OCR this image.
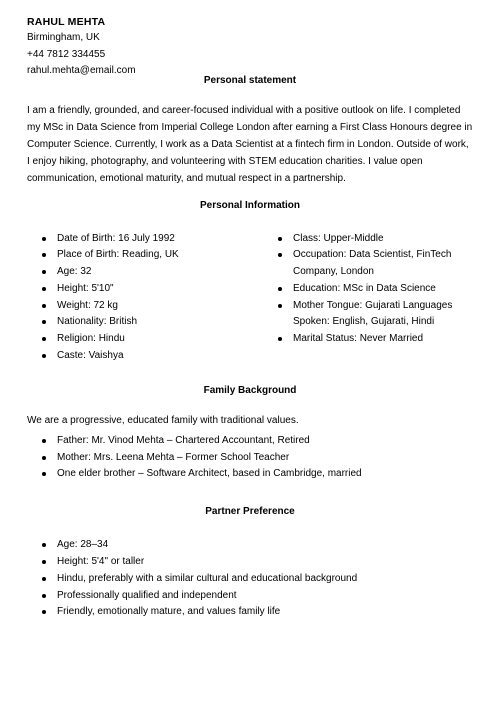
RAHUL MEHTA
Birmingham, UK
+44 7812 334455
rahul.mehta@email.com
Personal statement

I am a friendly, grounded, and career-focused individual with a positive outlook on life. I completed my MSc in Data Science from Imperial College London after earning a First Class Honours degree in Computer Science. Currently, I work as a Data Scientist at a fintech firm in London. Outside of work, I enjoy hiking, photography, and volunteering with STEM education charities. I value open communication, emotional maturity, and mutual respect in a partnership.

Personal Information
Date of Birth: 16 July 1992
Place of Birth: Reading, UK
Age: 32
Height: 5'10"
Weight: 72 kg
Nationality: British
Religion: Hindu
Caste: Vaishya
Class: Upper-Middle
Occupation: Data Scientist, FinTech Company, London
Education: MSc in Data Science
Mother Tongue: Gujarati Languages Spoken: English, Gujarati, Hindi
Marital Status: Never Married
Family Background

We are a progressive, educated family with traditional values.

Father: Mr. Vinod Mehta – Chartered Accountant, Retired
Mother: Mrs. Leena Mehta – Former School Teacher
One elder brother – Software Architect, based in Cambridge, married
Partner Preference
Age: 28–34
Height: 5'4" or taller
Hindu, preferably with a similar cultural and educational background
Professionally qualified and independent
Friendly, emotionally mature, and values family life
